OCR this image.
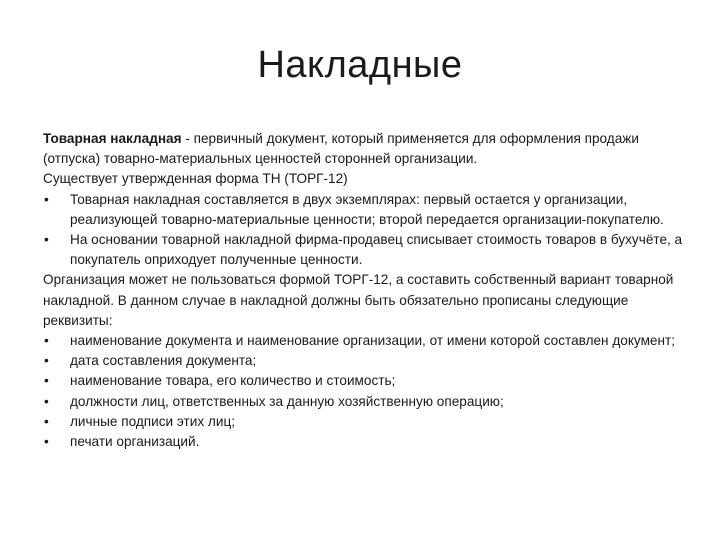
Накладные

Товарная накладная - первичный документ, который применяется для оформления продажи (отпуска) товарно-материальных ценностей сторонней организации.

Существует утвержденная форма ТН (ТОРГ-12)

• Товарная накладная составляется в двух экземплярах: первый остается у организации, реализующей товарно-материальные ценности; второй передается организации-покупателю.

• На основании товарной накладной фирма-продавец списывает стоимость товаров в бухучёте, а покупатель оприходует полученные ценности.

Организация может не пользоваться формой ТОРГ-12, а составить собственный вариант товарной накладной. В данном случае в накладной должны быть обязательно прописаны следующие реквизиты:

• наименование документа и наименование организации, от имени которой составлен документ;

• дата составления документа;

• наименование товара, его количество и стоимость;

• должности лиц, ответственных за данную хозяйственную операцию;

• личные подписи этих лиц;

• печати организаций.
